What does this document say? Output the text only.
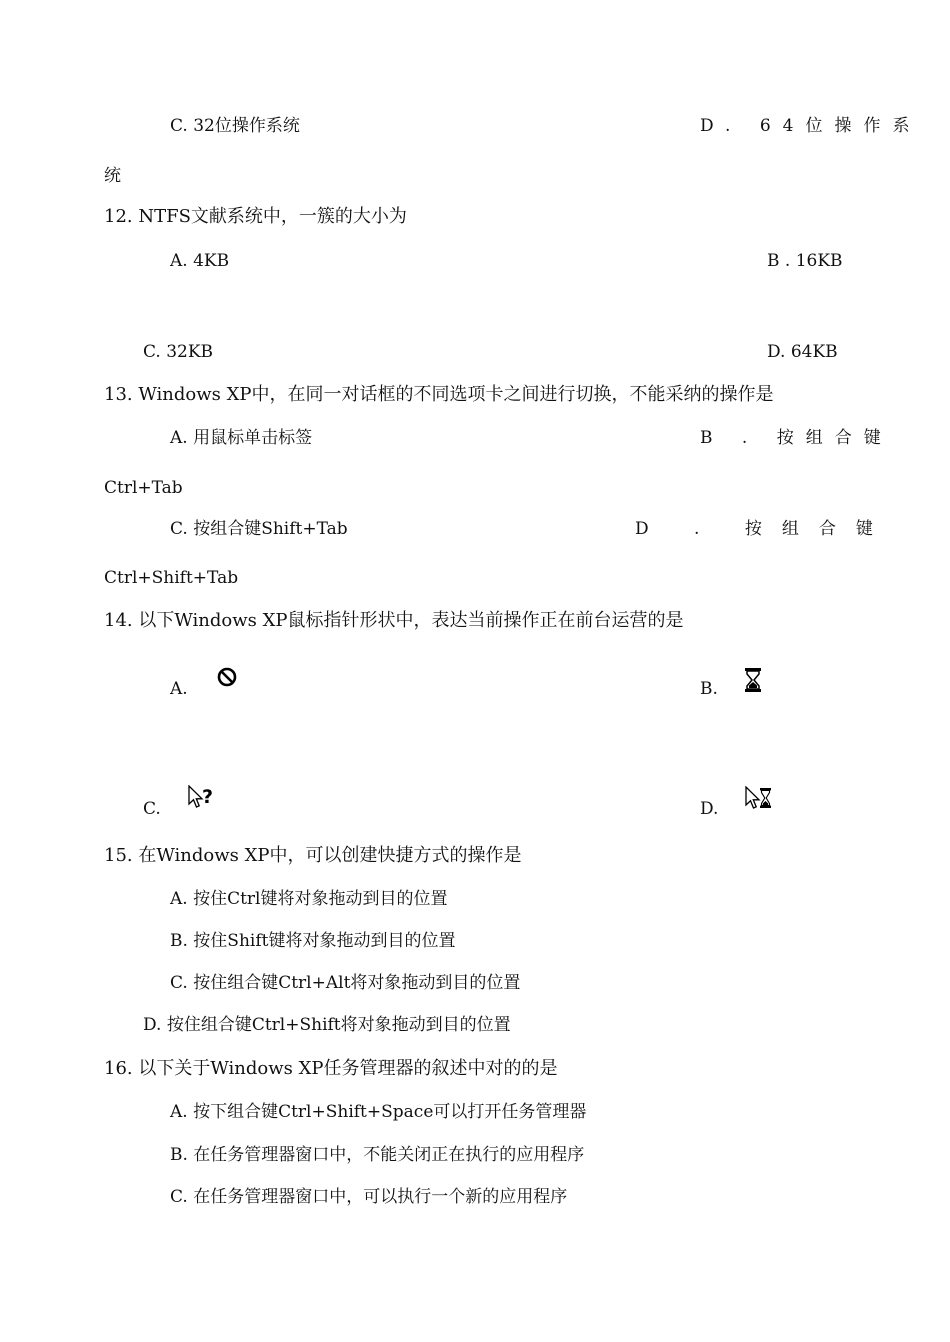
C. 32位操作系统	D. 64位操作系
统
12. NTFS文献系统中，一簇的大小为
A. 4KB	B . 16KB
C. 32KB	D. 64KB
13. Windows XP中，在同一对话框的不同选项卡之间进行切换，不能采纳的操作是
A. 用鼠标单击标签	B . 按组合键
Ctrl+Tab
C. 按组合键Shift+Tab	D . 按组合键
Ctrl+Shift+Tab
14. 以下Windows XP鼠标指针形状中，表达当前操作正在前台运营的是
A.	B.
C.
?
D.
15. 在Windows XP中，可以创建快捷方式的操作是
A. 按住Ctrl键将对象拖动到目的位置
B. 按住Shift键将对象拖动到目的位置
C. 按住组合键Ctrl+Alt将对象拖动到目的位置
D. 按住组合键Ctrl+Shift将对象拖动到目的位置
16. 以下关于Windows XP任务管理器的叙述中对的的是
A. 按下组合键Ctrl+Shift+Space可以打开任务管理器
B. 在任务管理器窗口中，不能关闭正在执行的应用程序
C. 在任务管理器窗口中，可以执行一个新的应用程序
